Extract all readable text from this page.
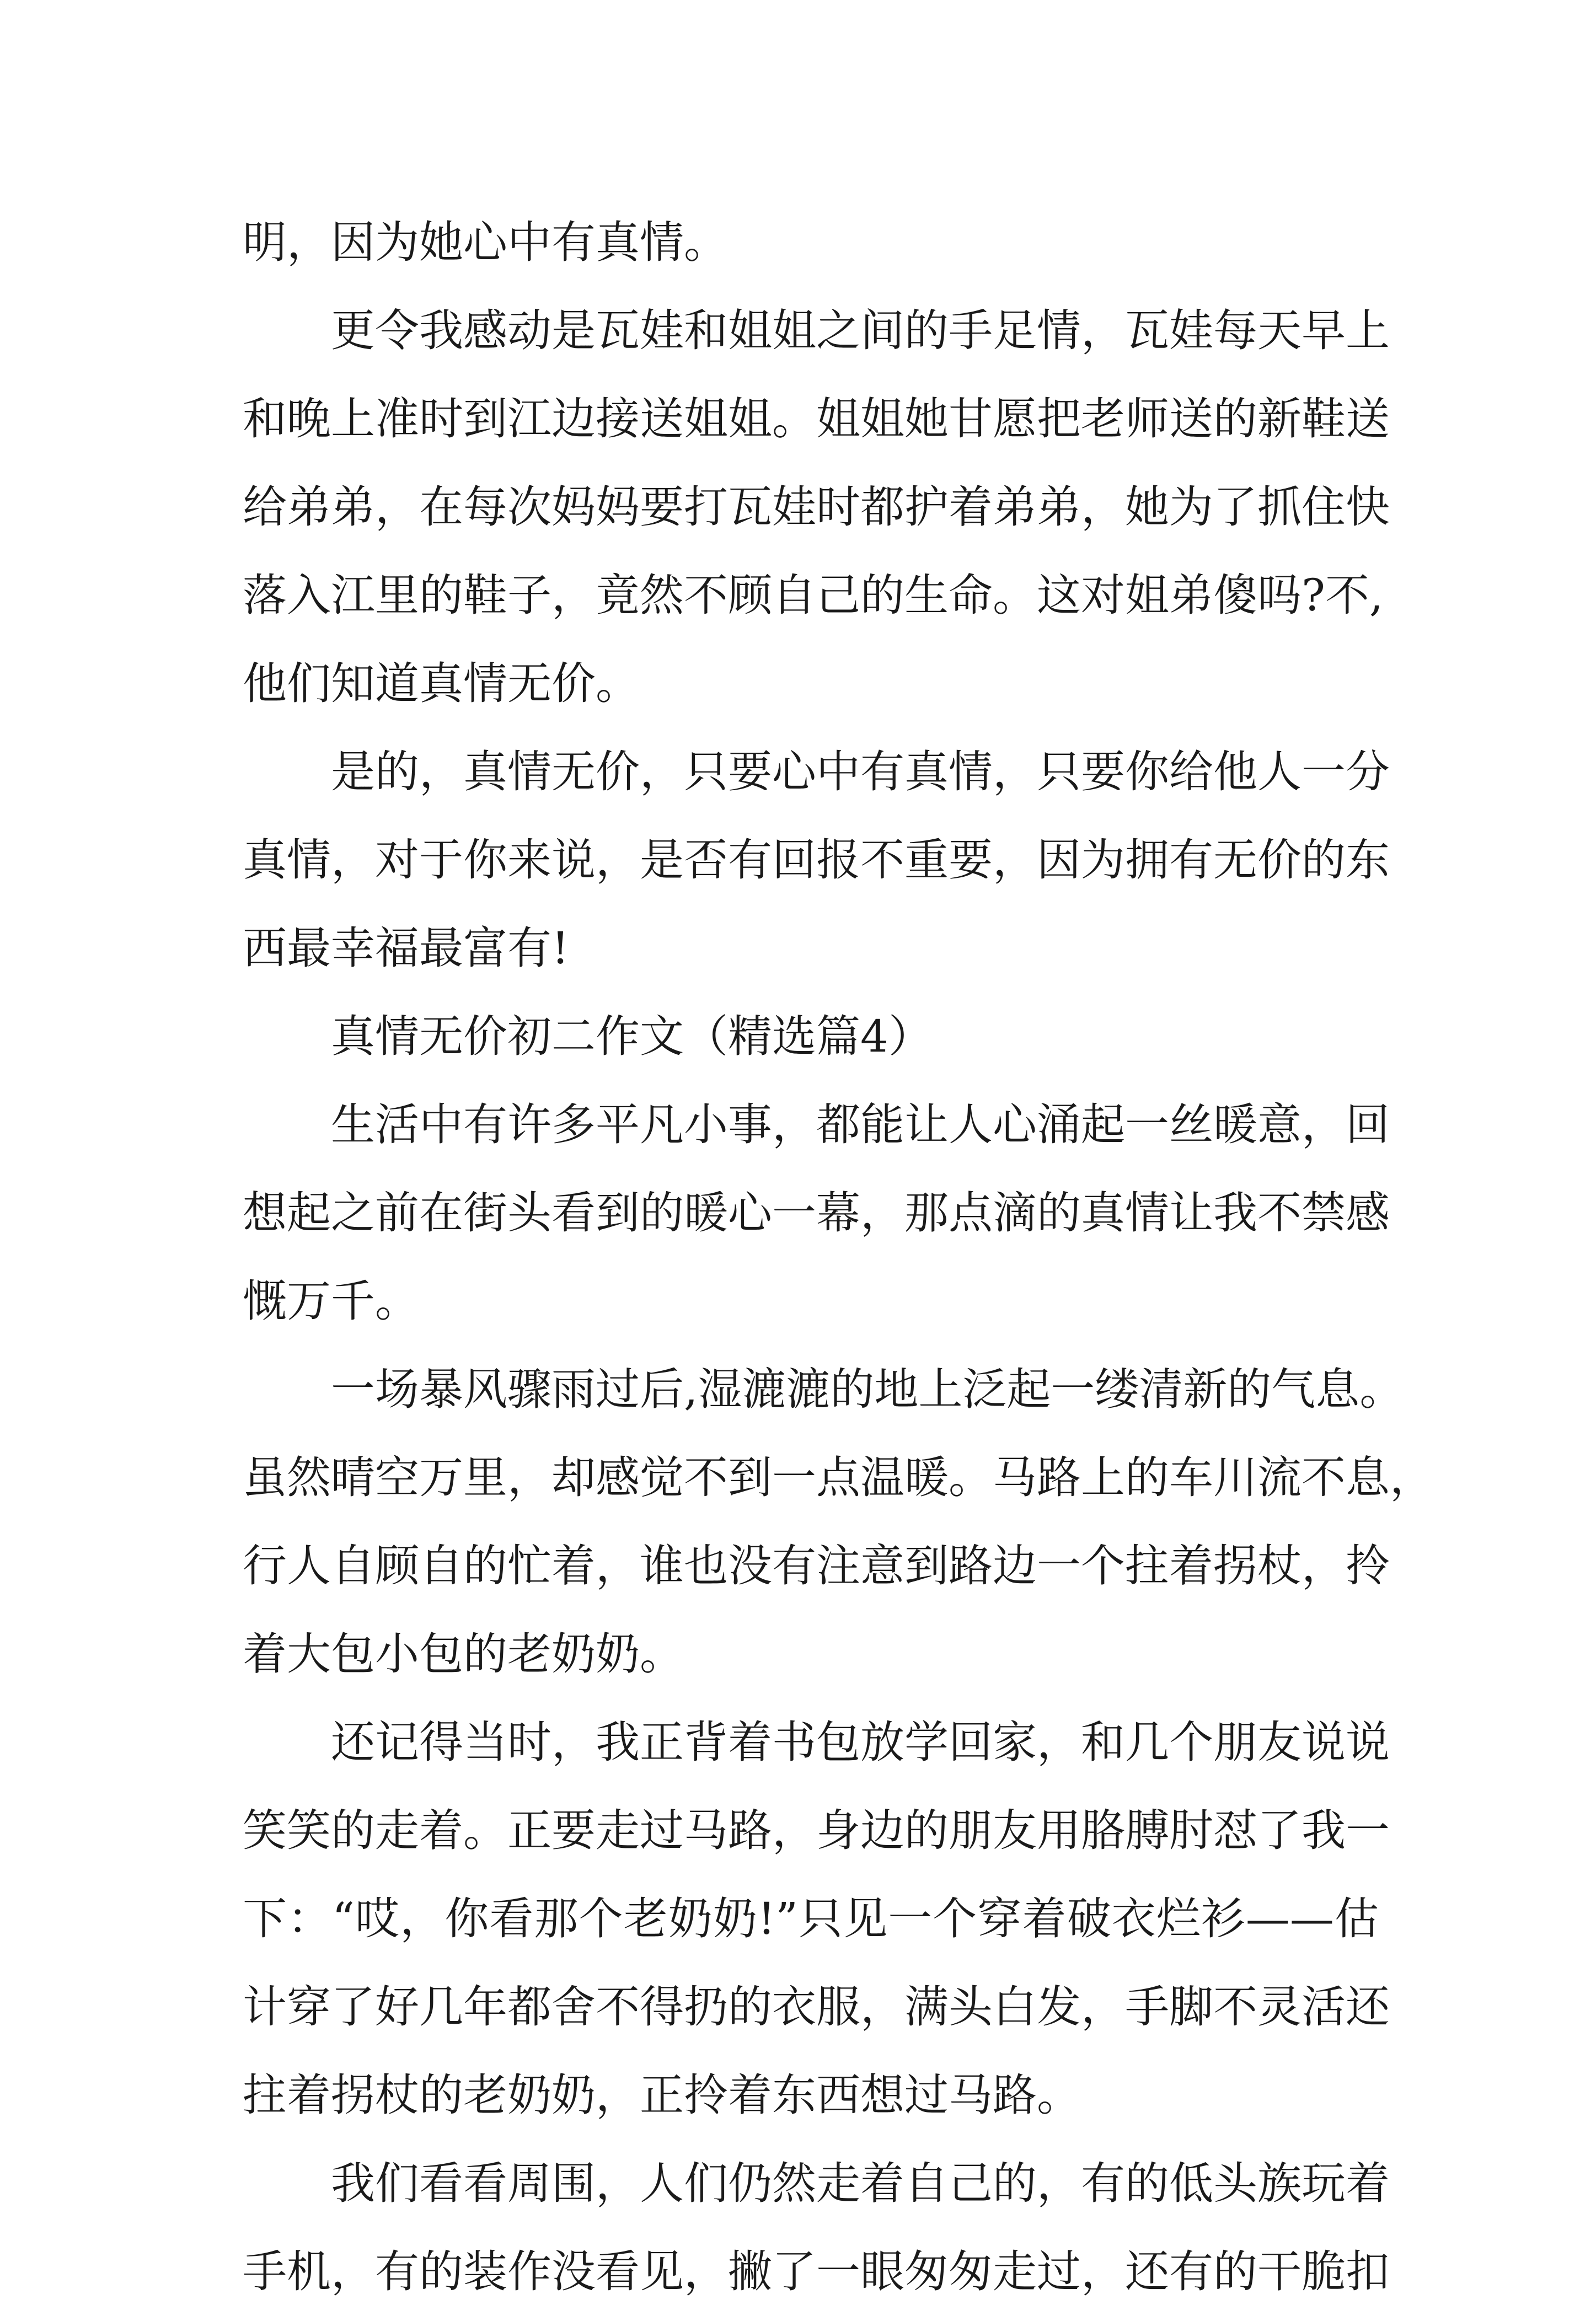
明，因为她心中有真情。
更令我感动是瓦娃和姐姐之间的手足情，瓦娃每天早上
和晚上准时到江边接送姐姐。姐姐她甘愿把老师送的新鞋送
给弟弟，在每次妈妈要打瓦娃时都护着弟弟，她为了抓住快
落入江里的鞋子，竟然不顾自己的生命。这对姐弟傻吗?不,
他们知道真情无价。
是的，真情无价，只要心中有真情，只要你给他人一分
真情，对于你来说，是否有回报不重要，因为拥有无价的东
西最幸福最富有!
真情无价初二作文（精选篇4）
生活中有许多平凡小事，都能让人心涌起一丝暖意，回
想起之前在街头看到的暖心一幕，那点滴的真情让我不禁感
慨万千。
一场暴风骤雨过后,湿漉漉的地上泛起一缕清新的气息。
虽然晴空万里，却感觉不到一点温暖。马路上的车川流不息，
行人自顾自的忙着，谁也没有注意到路边一个拄着拐杖，拎
着大包小包的老奶奶。
还记得当时，我正背着书包放学回家，和几个朋友说说
笑笑的走着。正要走过马路，身边的朋友用胳膊肘怼了我一
下：“哎，你看那个老奶奶!”只见一个穿着破衣烂衫——估
计穿了好几年都舍不得扔的衣服，满头白发，手脚不灵活还
拄着拐杖的老奶奶，正拎着东西想过马路。
我们看看周围，人们仍然走着自己的，有的低头族玩着
手机，有的装作没看见，撇了一眼匆匆走过，还有的干脆扣
